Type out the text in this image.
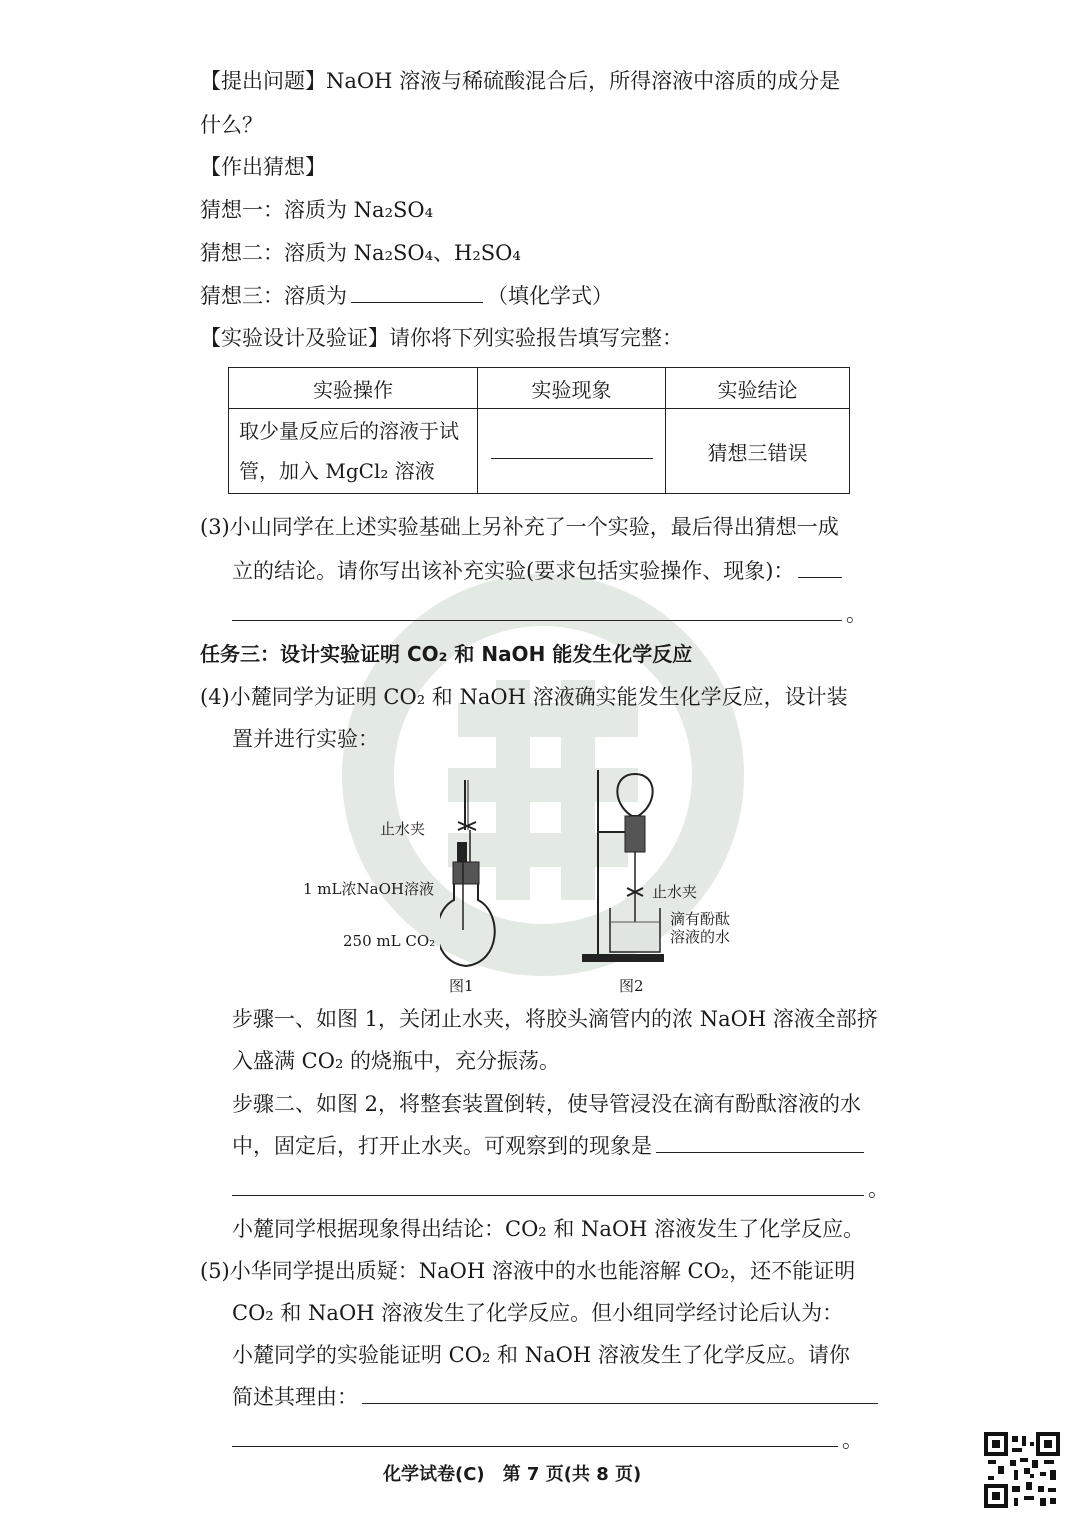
【提出问题】NaOH 溶液与稀硫酸混合后，所得溶液中溶质的成分是
什么？
【作出猜想】
猜想一：溶质为 Na₂SO₄
猜想二：溶质为 Na₂SO₄、H₂SO₄
猜想三：溶质为	（填化学式）
【实验设计及验证】请你将下列实验报告填写完整：
实验操作	实验现象	实验结论

取少量反应后的溶液于试
管，加入 MgCl₂ 溶液		猜想三错误
(3)小山同学在上述实验基础上另补充了一个实验，最后得出猜想一成
立的结论。请你写出该补充实验(要求包括实验操作、现象)：
。
任务三：设计实验证明 CO₂ 和 NaOH 能发生化学反应
(4)小麓同学为证明 CO₂ 和 NaOH 溶液确实能发生化学反应，设计装
置并进行实验：
止水夹
1 mL浓NaOH溶液
250 mL CO₂
图1
止水夹
滴有酚酞
溶液的水
图2
步骤一、如图 1，关闭止水夹，将胶头滴管内的浓 NaOH 溶液全部挤
入盛满 CO₂ 的烧瓶中，充分振荡。
步骤二、如图 2，将整套装置倒转，使导管浸没在滴有酚酞溶液的水
中，固定后，打开止水夹。可观察到的现象是
。
小麓同学根据现象得出结论：CO₂ 和 NaOH 溶液发生了化学反应。
(5)小华同学提出质疑：NaOH 溶液中的水也能溶解 CO₂，还不能证明
CO₂ 和 NaOH 溶液发生了化学反应。但小组同学经讨论后认为：
小麓同学的实验能证明 CO₂ 和 NaOH 溶液发生了化学反应。请你
简述其理由：
。
化学试卷(C)　第 7 页(共 8 页)
